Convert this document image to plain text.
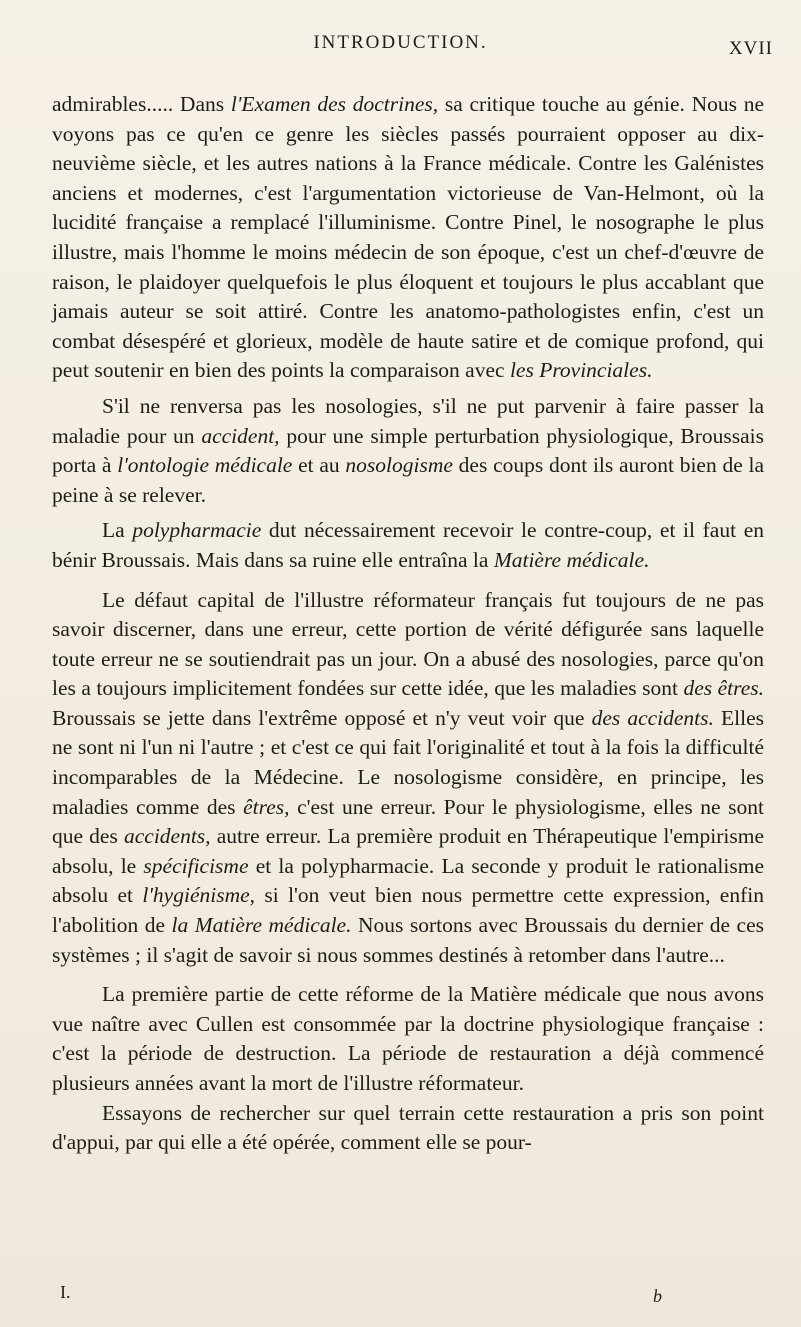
INTRODUCTION.	XVII

admirables..... Dans l'Examen des doctrines, sa critique touche au génie. Nous ne voyons pas ce qu'en ce genre les siècles passés pourraient opposer au dix-neuvième siècle, et les autres nations à la France médicale. Contre les Galénistes anciens et modernes, c'est l'argumentation victorieuse de Van-Helmont, où la lucidité française a remplacé l'illuminisme. Contre Pinel, le nosographe le plus illustre, mais l'homme le moins médecin de son époque, c'est un chef-d'œuvre de raison, le plaidoyer quelquefois le plus éloquent et toujours le plus accablant que jamais auteur se soit attiré. Contre les anatomo-pathologistes enfin, c'est un combat désespéré et glorieux, modèle de haute satire et de comique profond, qui peut soutenir en bien des points la comparaison avec les Provinciales.

S'il ne renversa pas les nosologies, s'il ne put parvenir à faire passer la maladie pour un accident, pour une simple perturbation physiologique, Broussais porta à l'ontologie médicale et au nosologisme des coups dont ils auront bien de la peine à se relever.

La polypharmacie dut nécessairement recevoir le contre-coup, et il faut en bénir Broussais. Mais dans sa ruine elle entraîna la Matière médicale.

Le défaut capital de l'illustre réformateur français fut toujours de ne pas savoir discerner, dans une erreur, cette portion de vérité défigurée sans laquelle toute erreur ne se soutiendrait pas un jour. On a abusé des nosologies, parce qu'on les a toujours implicitement fondées sur cette idée, que les maladies sont des êtres. Broussais se jette dans l'extrême opposé et n'y veut voir que des accidents. Elles ne sont ni l'un ni l'autre ; et c'est ce qui fait l'originalité et tout à la fois la difficulté incomparables de la Médecine. Le nosologisme considère, en principe, les maladies comme des êtres, c'est une erreur. Pour le physiologisme, elles ne sont que des accidents, autre erreur. La première produit en Thérapeutique l'empirisme absolu, le spécificisme et la polypharmacie. La seconde y produit le rationalisme absolu et l'hygiénisme, si l'on veut bien nous permettre cette expression, enfin l'abolition de la Matière médicale. Nous sortons avec Broussais du dernier de ces systèmes ; il s'agit de savoir si nous sommes destinés à retomber dans l'autre...

La première partie de cette réforme de la Matière médicale que nous avons vue naître avec Cullen est consommée par la doctrine physiologique française : c'est la période de destruction. La période de restauration a déjà commencé plusieurs années avant la mort de l'illustre réformateur.

Essayons de rechercher sur quel terrain cette restauration a pris son point d'appui, par qui elle a été opérée, comment elle se pour-

I.	b
